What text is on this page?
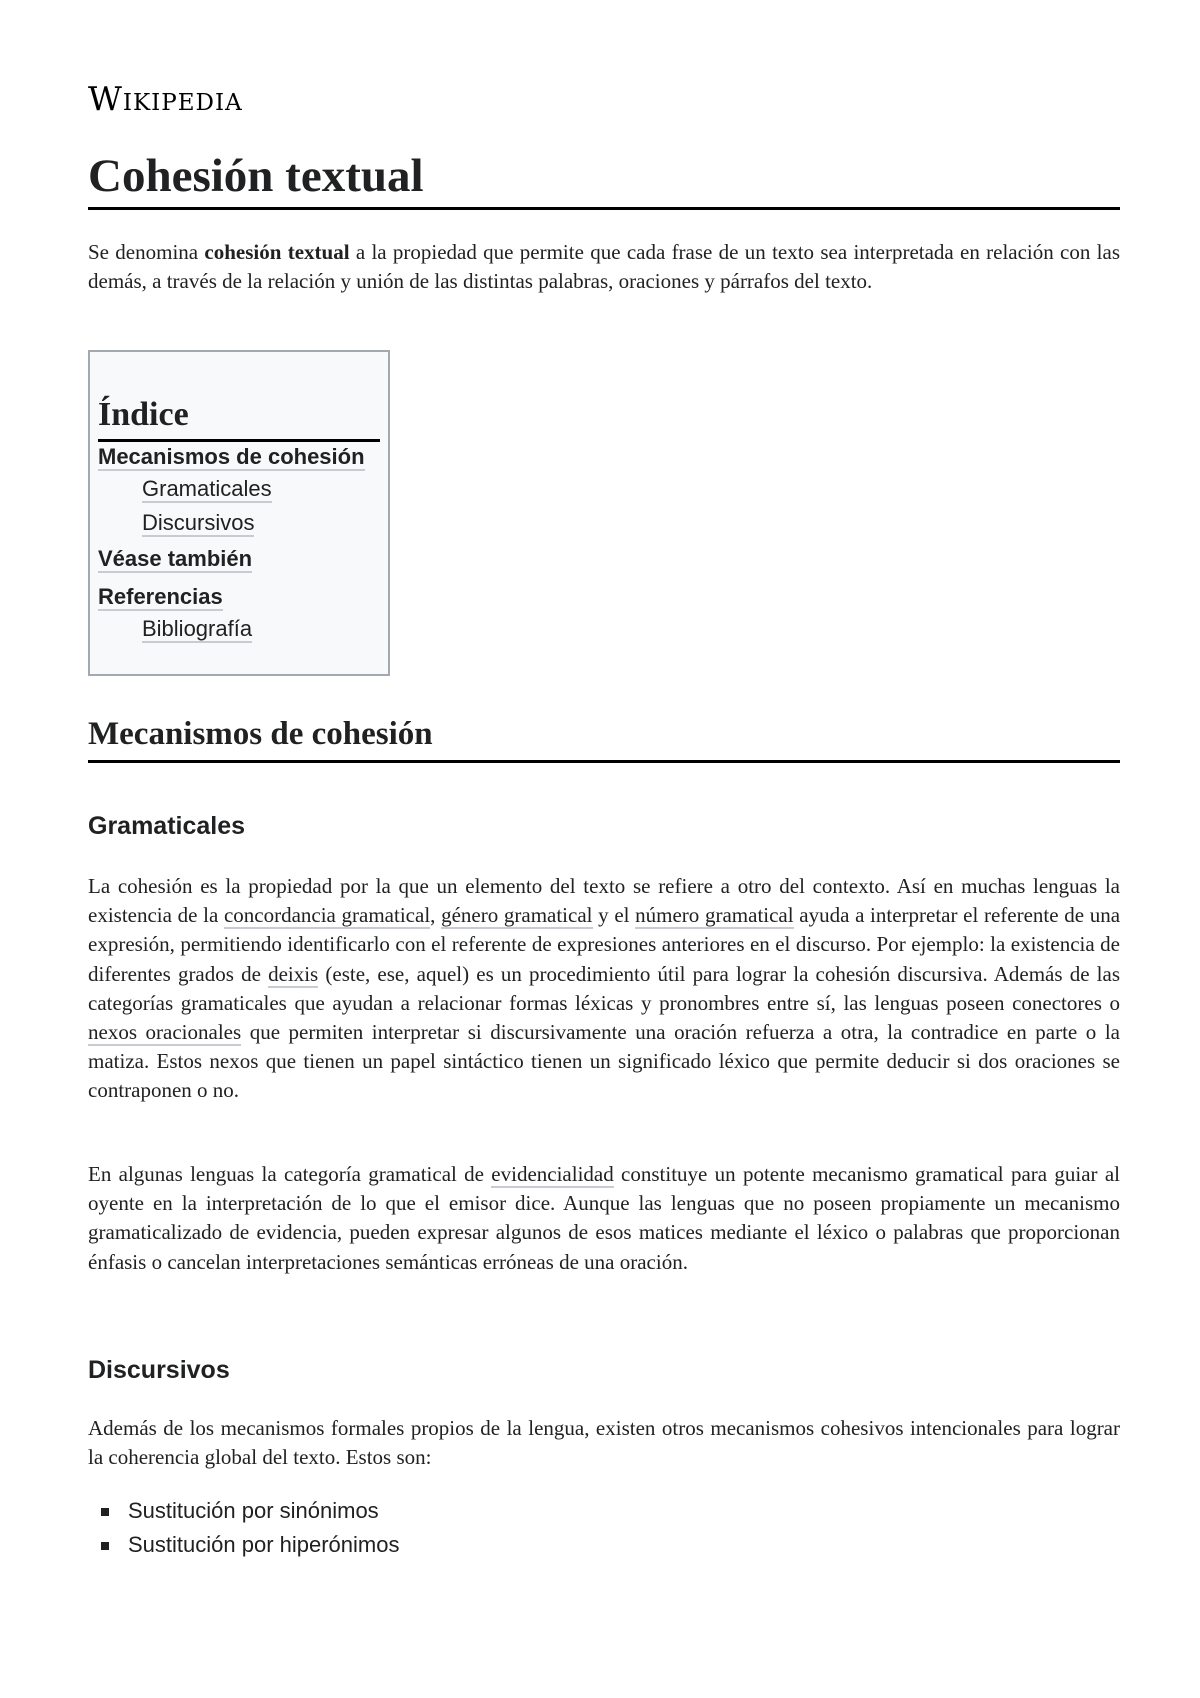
Wikipedia
Cohesión textual

Se denomina cohesión textual a la propiedad que permite que cada frase de un texto sea interpretada en relación con las demás, a través de la relación y unión de las distintas palabras, oraciones y párrafos del texto.

Índice
Mecanismos de cohesión
Gramaticales
Discursivos
Véase también
Referencias
Bibliografía
Mecanismos de cohesión
Gramaticales

La cohesión es la propiedad por la que un elemento del texto se refiere a otro del contexto. Así en muchas lenguas la existencia de la concordancia gramatical, género gramatical y el número gramatical ayuda a interpretar el referente de una expresión, permitiendo identificarlo con el referente de expresiones anteriores en el discurso. Por ejemplo: la existencia de diferentes grados de deixis (este, ese, aquel) es un procedimiento útil para lograr la cohesión discursiva. Además de las categorías gramaticales que ayudan a relacionar formas léxicas y pronombres entre sí, las lenguas poseen conectores o nexos oracionales que permiten interpretar si discursivamente una oración refuerza a otra, la contradice en parte o la matiza. Estos nexos que tienen un papel sintáctico tienen un significado léxico que permite deducir si dos oraciones se contraponen o no.

En algunas lenguas la categoría gramatical de evidencialidad constituye un potente mecanismo gramatical para guiar al oyente en la interpretación de lo que el emisor dice. Aunque las lenguas que no poseen propiamente un mecanismo gramaticalizado de evidencia, pueden expresar algunos de esos matices mediante el léxico o palabras que proporcionan énfasis o cancelan interpretaciones semánticas erróneas de una oración.

Discursivos

Además de los mecanismos formales propios de la lengua, existen otros mecanismos cohesivos intencionales para lograr la coherencia global del texto. Estos son:

Sustitución por sinónimos
Sustitución por hiperónimos
